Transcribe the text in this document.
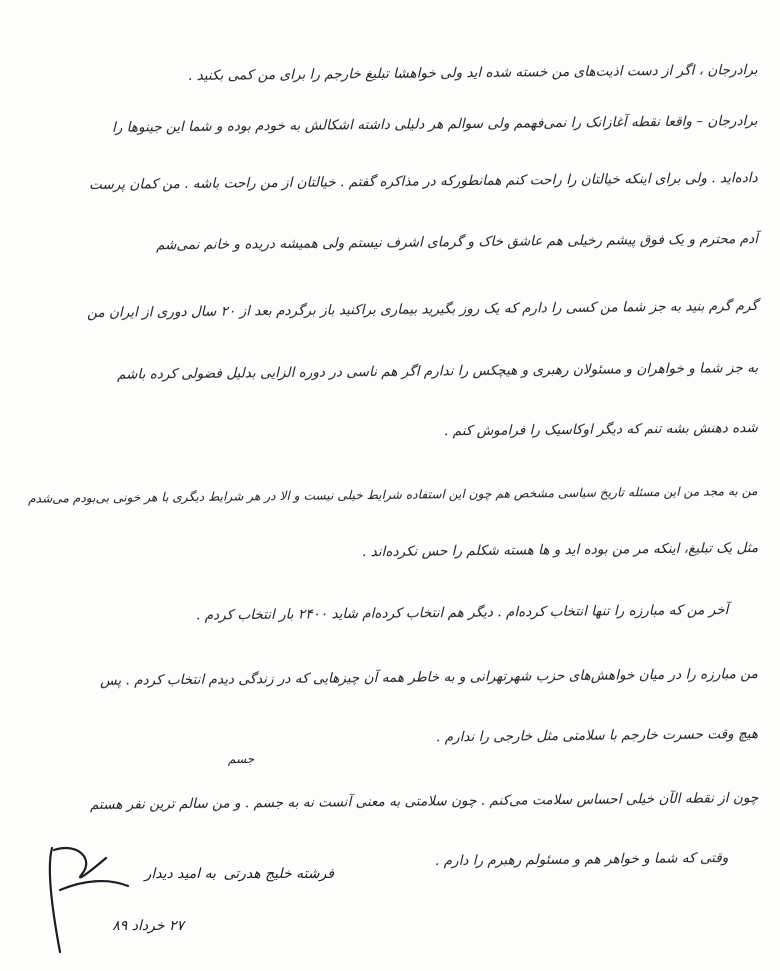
برادرجان ، اگر از دست اذیت‌های من خسته شده اید ولی خواهشا تبلیغ خارجم را برای من کمی بکنید .
برادرجان – واقعا نقطه آغازانک را نمی‌فهمم ولی سوالم هر دلیلی داشته اشکالش به خودم بوده و شما این جینو‌ها را
داده‌اید . ولی برای اینکه خیالتان را راحت کنم همانطورکه در مذاکره گفتم . خیالتان از من راحت باشه . من کمان پرست
آدم محترم و یک فوق پیشم رخیلی هم عاشق خاک و گرمای اشرف نیستم ولی همیشه دریده و خانم نمی‌شم
گرم گرم بنید به جز شما من کسی را دارم که یک روز بگیرید بیماری براکنید باز برگردم بعد از ۲۰ سال دوری از ایران من
به جز شما و خواهران و مسئولان رهبری و هیچکس را ندارم اگر هم ناسی در دوره الزایی بدلیل فضولی کرده باشم
شده دهنش بشه تنم که دیگر اوکاسیک را فراموش کنم .
من به مجد من این مسئله تاریخ سیاسی مشخص هم چون این استفاده شرایط خیلی نیست و الا در هر شرایط دیگری با هر خونی بی‌بودم می‌شدم
مثل یک تبلیغ، اینکه مر من بوده اید و ها هسته شکلم را حس نکرده‌اند .
آخر من که مبارزه را تنها انتخاب کرده‌ام . دیگر هم انتخاب کرده‌ام شاید ۲۴۰۰ بار انتخاب کردم .
من مبارزه را در میان خواهش‌های حزب شهرتهرانی و به خاطر همه آن چیزهایی که در زندگی دیدم انتخاب کردم . پس
هیچ وقت حسرت خارجم با سلامتی مثل خارجی را ندارم .
چون از نقطه الآن خیلی احساس سلامت می‌کنم . چون سلامتی به معنی آنست نه به جسم . و من سالم ترین نفر هستم
وقتی که شما و خواهر هم و مسئولم رهبرم را دارم .
جسم
به امید دیدار فرشته خلیج هدرتی
۲۷ خرداد ۸۹
